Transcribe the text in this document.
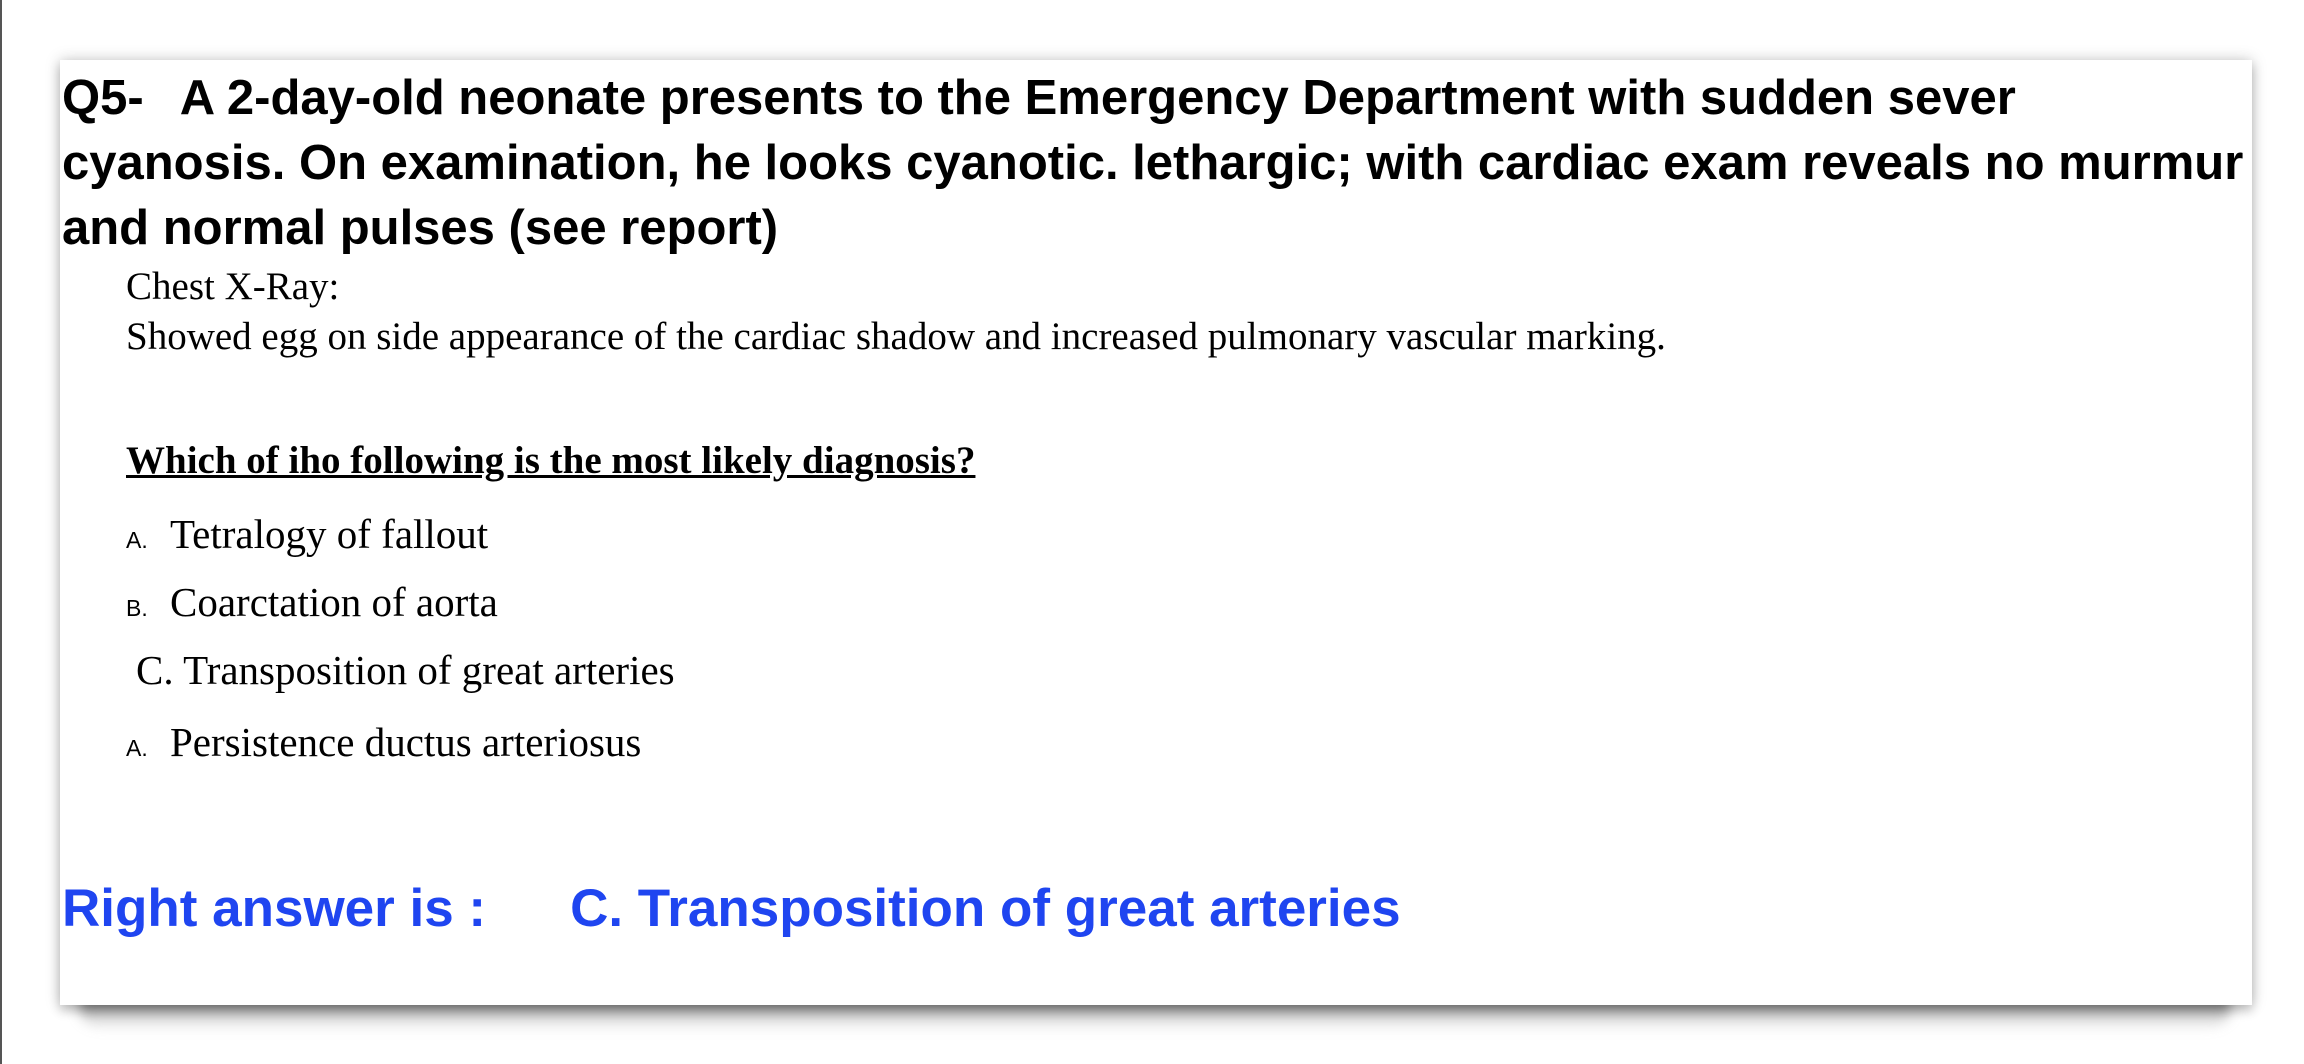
Q5- A 2-day-old neonate presents to the Emergency Department with sudden sever cyanosis. On examination, he looks cyanotic. lethargic; with cardiac exam reveals no murmur and normal pulses (see report)

Chest X-Ray:
Showed egg on side appearance of the cardiac shadow and increased pulmonary vascular marking.
Which of iho following is the most likely diagnosis?
A. Tetralogy of fallout
B. Coarctation of aorta
C. Transposition of great arteries
A. Persistence ductus arteriosus
Right answer is : C. Transposition of great arteries
